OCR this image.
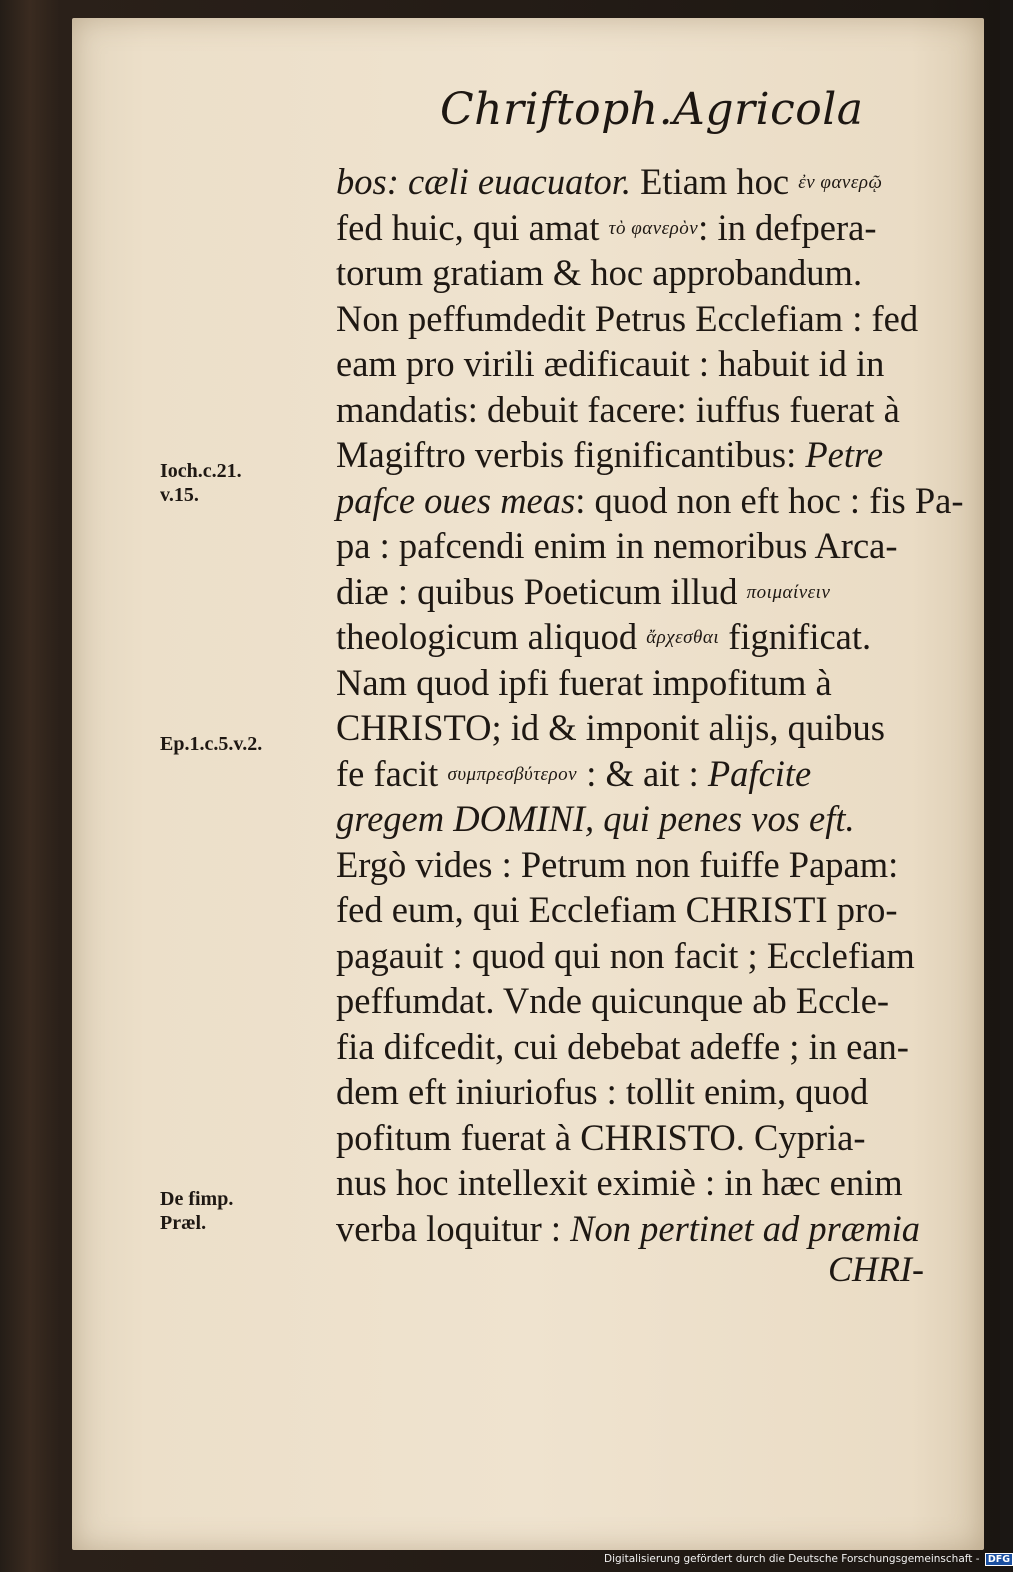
Chriftoph.Agricola
bos: cæli euacuator. Etiam hoc ἐν φανερῷ
fed huic, qui amat τὸ φανερὸν: in defpera-
torum gratiam & hoc approbandum.
Non peffumdedit Petrus Ecclefiam : fed
eam pro virili ædificauit : habuit id in
mandatis: debuit facere: iuffus fuerat à
Magiftro verbis fignificantibus: Petre
pafce oues meas: quod non eft hoc : fis Pa-
pa : pafcendi enim in nemoribus Arca-
diæ : quibus Poeticum illud ποιμαίνειν
theologicum aliquod ἄρχεσθαι fignificat.
Nam quod ipfi fuerat impofitum à
CHRISTO; id & imponit alijs, quibus
fe facit συμπρεσβύτερον : & ait : Pafcite
gregem DOMINI, qui penes vos eft.
Ergò vides : Petrum non fuiffe Papam:
fed eum, qui Ecclefiam CHRISTI pro-
pagauit : quod qui non facit ; Ecclefiam
peffumdat. Vnde quicunque ab Eccle-
fia difcedit, cui debebat adeffe ; in ean-
dem eft iniuriofus : tollit enim, quod
pofitum fuerat à CHRISTO. Cypria-
nus hoc intellexit eximiè : in hæc enim
verba loquitur : Non pertinet ad præmia
Ioch.c.21.
v.15.
Ep.1.c.5.v.2.
De fimp.
Præl.
CHRI-
Digitalisierung gefördert durch die Deutsche Forschungsgemeinschaft - DFG
